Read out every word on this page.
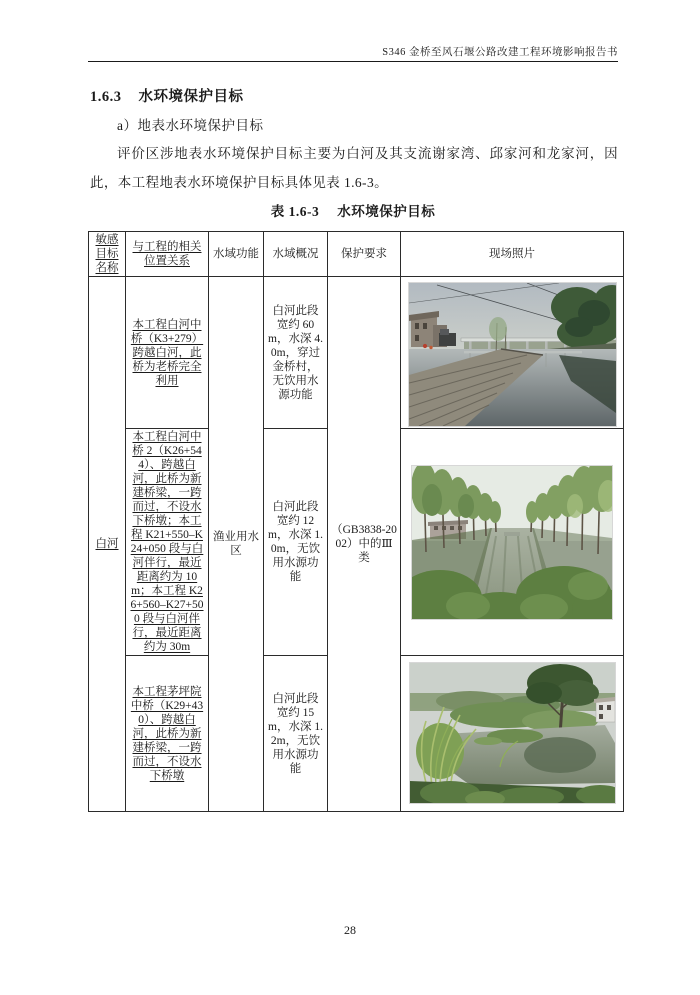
S346 金桥至风石堰公路改建工程环境影响报告书
1.6.3 水环境保护目标
a）地表水环境保护目标

评价区涉地表水环境保护目标主要为白河及其支流谢家湾、邱家河和龙家河，因此，本工程地表水环境保护目标具体见表 1.6-3。

表 1.6-3 水环境保护目标
敏感目标名称	与工程的相关位置关系	水域功能	水域概况	保护要求	现场照片
白河	本工程白河中桥（K3+279）跨越白河，此桥为老桥完全利用	渔业用水区	白河此段宽约 60m，水深 4.0m，穿过金桥村，无饮用水源功能	（GB3838-2002）中的Ⅲ类	

	本工程白河中桥 2（K26+544）、跨越白河，此桥为新建桥梁，一跨而过，不设水下桥墩；本工程 K21+550–K24+050 段与白河伴行，最近距离约为 10m；本工程 K26+560–K27+500 段与白河伴行，最近距离约为 30m		白河此段宽约 12m，水深 1.0m，无饮用水源功能	

	本工程茅坪院中桥（K29+430）、跨越白河，此桥为新建桥梁，一跨而过，不设水下桥墩		白河此段宽约 15m，水深 1.2m，无饮用水源功能	
28
